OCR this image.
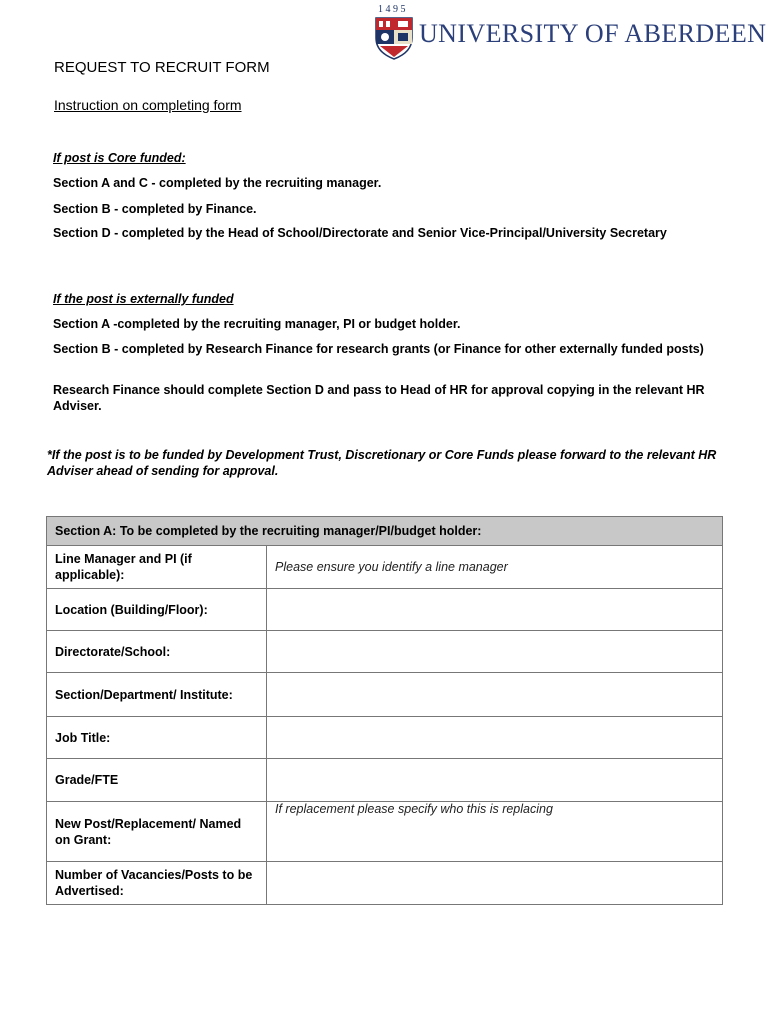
1495
UNIVERSITY OF ABERDEEN
REQUEST TO RECRUIT FORM
Instruction on completing form
If post is Core funded:
Section A and C - completed by the recruiting manager.
Section B - completed by Finance.
Section D - completed by the Head of School/Directorate and Senior Vice-Principal/University Secretary
If the post is externally funded
Section A -completed by the recruiting manager, PI or budget holder.
Section B - completed by Research Finance for research grants (or Finance for other externally funded posts)
Research Finance should complete Section D and pass to Head of HR for approval copying in the relevant HR Adviser.
*If the post is to be funded by Development Trust, Discretionary or Core Funds please forward to the relevant HR Adviser ahead of sending for approval.
Section A: To be completed by the recruiting manager/PI/budget holder:	
Line Manager and PI (if applicable):	Please ensure you identify a line manager
Location (Building/Floor):	
Directorate/School:	
Section/Department/ Institute:	
Job Title:	
Grade/FTE	
New Post/Replacement/ Named on Grant:	If replacement please specify who this is replacing
Number of Vacancies/Posts to be Advertised:	
